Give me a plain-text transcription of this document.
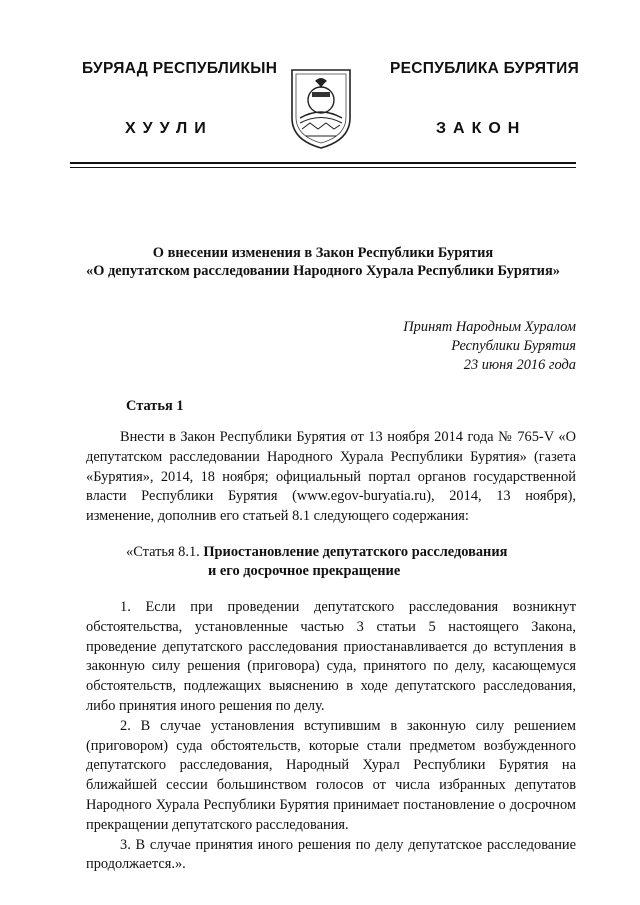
БУРЯАД РЕСПУБЛИКЫН
ХУУЛИ
РЕСПУБЛИКА БУРЯТИЯ
ЗАКОН
О внесении изменения в Закон Республики Бурятия
«О депутатском расследовании Народного Хурала Республики Бурятия»
Принят Народным Хуралом
Республики Бурятия
23 июня 2016 года
Статья 1

Внести в Закон Республики Бурятия от 13 ноября 2014 года № 765-V «О депутатском расследовании Народного Хурала Республики Бурятия» (газета «Бурятия», 2014, 18 ноября; официальный портал органов государственной власти Республики Бурятия (www.egov-buryatia.ru), 2014, 13 ноября), изменение, дополнив его статьей 8.1 следующего содержания:

«Статья 8.1. Приостановление депутатского расследования
и его досрочное прекращение

1. Если при проведении депутатского расследования возникнут обстоятельства, установленные частью 3 статьи 5 настоящего Закона, проведение депутатского расследования приостанавливается до вступления в законную силу решения (приговора) суда, принятого по делу, касающемуся обстоятельств, подлежащих выяснению в ходе депутатского расследования, либо принятия иного решения по делу.

2. В случае установления вступившим в законную силу решением (приговором) суда обстоятельств, которые стали предметом возбужденного депутатского расследования, Народный Хурал Республики Бурятия на ближайшей сессии большинством голосов от числа избранных депутатов Народного Хурала Республики Бурятия принимает постановление о досрочном прекращении депутатского расследования.

3. В случае принятия иного решения по делу депутатское расследование продолжается.».
